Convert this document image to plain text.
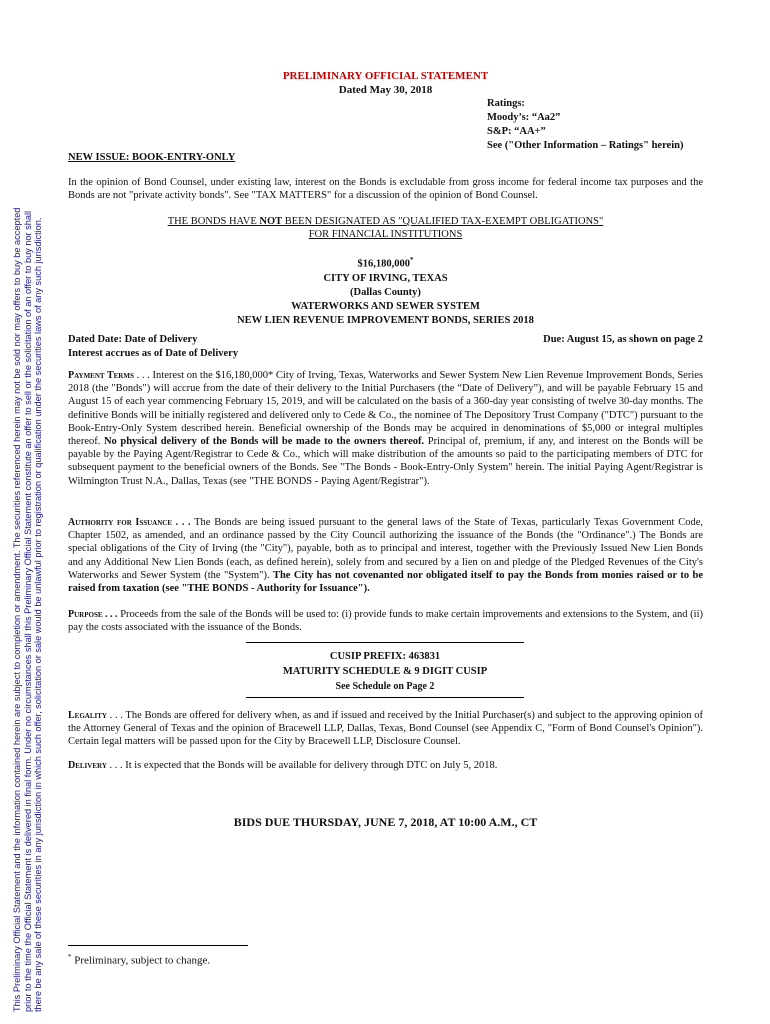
This Preliminary Official Statement and the information contained herein are subject to completion or amendment. The securities referenced herein may not be sold nor may offers to buy be accepted prior to the time the Official Statement is delivered in final form. Under no circumstances shall this Preliminary Official Statement constitute an offer to sell or the solicitation of an offer to buy nor shall there be any sale of these securities in any jurisdiction in which such offer, solicitation or sale would be unlawful prior to registration or qualification under the securities laws of any such jurisdiction.
PRELIMINARY OFFICIAL STATEMENT
Dated May 30, 2018
Ratings:
Moody’s: “Aa2”
S&P: “AA+”
See ("Other Information – Ratings" herein)
NEW ISSUE: BOOK-ENTRY-ONLY
In the opinion of Bond Counsel, under existing law, interest on the Bonds is excludable from gross income for federal income tax purposes and the Bonds are not "private activity bonds". See "TAX MATTERS" for a discussion of the opinion of Bond Counsel.
THE BONDS HAVE NOT BEEN DESIGNATED AS "QUALIFIED TAX-EXEMPT OBLIGATIONS"
FOR FINANCIAL INSTITUTIONS
$16,180,000*
CITY OF IRVING, TEXAS
(Dallas County)
WATERWORKS AND SEWER SYSTEM
NEW LIEN REVENUE IMPROVEMENT BONDS, SERIES 2018
Dated Date: Date of Delivery
Interest accrues as of Date of Delivery
Due: August 15, as shown on page 2
Payment Terms . . . Interest on the $16,180,000* City of Irving, Texas, Waterworks and Sewer System New Lien Revenue Improvement Bonds, Series 2018 (the "Bonds") will accrue from the date of their delivery to the Initial Purchasers (the “Date of Delivery”), and will be payable February 15 and August 15 of each year commencing February 15, 2019, and will be calculated on the basis of a 360-day year consisting of twelve 30-day months. The definitive Bonds will be initially registered and delivered only to Cede & Co., the nominee of The Depository Trust Company ("DTC") pursuant to the Book-Entry-Only System described herein. Beneficial ownership of the Bonds may be acquired in denominations of $5,000 or integral multiples thereof. No physical delivery of the Bonds will be made to the owners thereof. Principal of, premium, if any, and interest on the Bonds will be payable by the Paying Agent/Registrar to Cede & Co., which will make distribution of the amounts so paid to the participating members of DTC for subsequent payment to the beneficial owners of the Bonds. See "The Bonds - Book-Entry-Only System" herein. The initial Paying Agent/Registrar is Wilmington Trust N.A., Dallas, Texas (see "THE BONDS - Paying Agent/Registrar").
Authority for Issuance . . . The Bonds are being issued pursuant to the general laws of the State of Texas, particularly Texas Government Code, Chapter 1502, as amended, and an ordinance passed by the City Council authorizing the issuance of the Bonds (the "Ordinance".) The Bonds are special obligations of the City of Irving (the "City"), payable, both as to principal and interest, together with the Previously Issued New Lien Bonds and any Additional New Lien Bonds (each, as defined herein), solely from and secured by a lien on and pledge of the Pledged Revenues of the City's Waterworks and Sewer System (the "System"). The City has not covenanted nor obligated itself to pay the Bonds from monies raised or to be raised from taxation (see "THE BONDS - Authority for Issuance").
Purpose . . . Proceeds from the sale of the Bonds will be used to: (i) provide funds to make certain improvements and extensions to the System, and (ii) pay the costs associated with the issuance of the Bonds.
CUSIP PREFIX: 463831
MATURITY SCHEDULE & 9 DIGIT CUSIP
See Schedule on Page 2
Legality . . . The Bonds are offered for delivery when, as and if issued and received by the Initial Purchaser(s) and subject to the approving opinion of the Attorney General of Texas and the opinion of Bracewell LLP, Dallas, Texas, Bond Counsel (see Appendix C, "Form of Bond Counsel's Opinion"). Certain legal matters will be passed upon for the City by Bracewell LLP, Disclosure Counsel.
Delivery . . . It is expected that the Bonds will be available for delivery through DTC on July 5, 2018.
BIDS DUE THURSDAY, JUNE 7, 2018, AT 10:00 A.M., CT
* Preliminary, subject to change.
